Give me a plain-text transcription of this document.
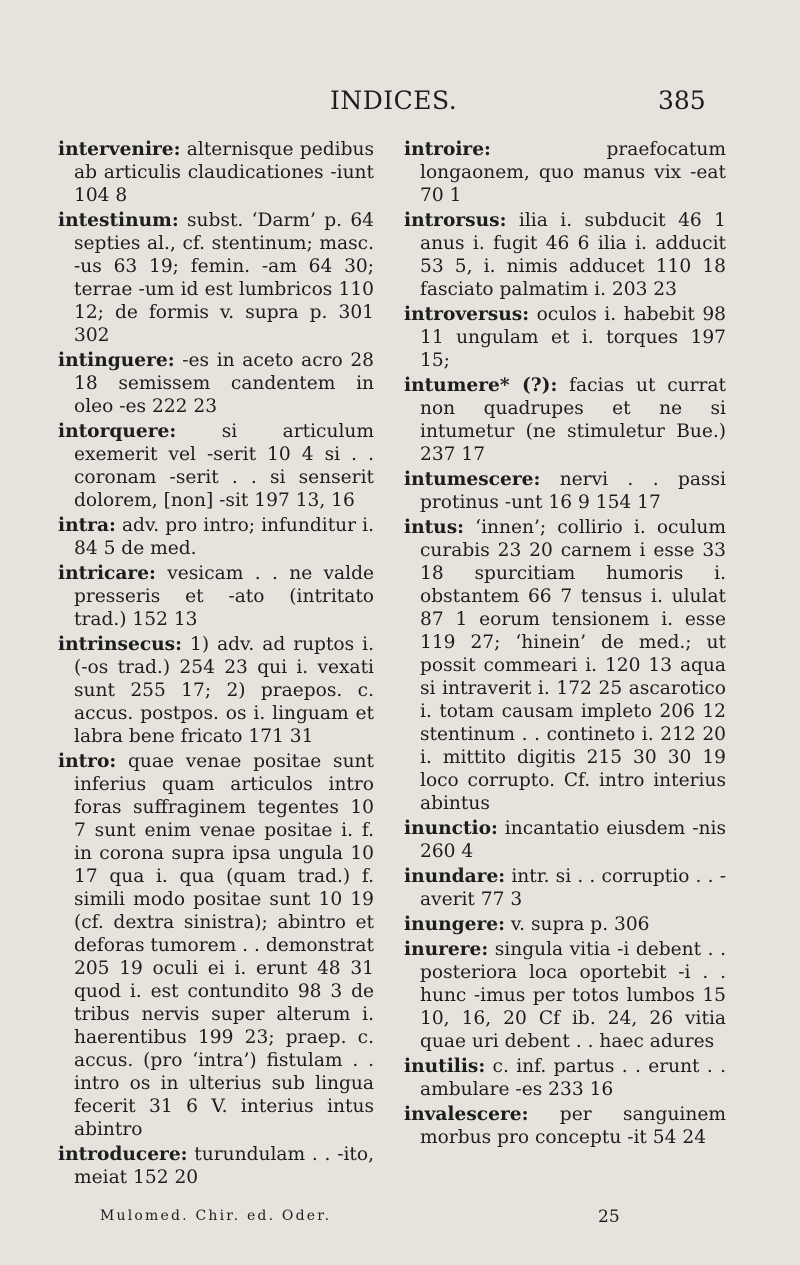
INDICES.	385

intervenire: alternisque pedibus ab articulis claudicationes -iunt 104 8

intestinum: subst. ‘Darm’ p. 64 septies al., cf. stentinum; masc. -us 63 19; femin. -am 64 30; terrae -um id est lumbricos 110 12; de formis v. supra p. 301 302

intinguere: -es in aceto acro 28 18 semissem candentem in oleo -es 222 23

intorquere: si articulum exemerit vel -serit 10 4 si . . coronam -serit . . si senserit dolorem, [non] -sit 197 13, 16

intra: adv. pro intro; infunditur i. 84 5 de med.

intricare: vesicam . . ne valde presseris et -ato (intritato trad.) 152 13

intrinsecus: 1) adv. ad ruptos i. (-os trad.) 254 23 qui i. vexati sunt 255 17; 2) praepos. c. accus. postpos. os i. linguam et labra bene fricato 171 31

intro: quae venae positae sunt inferius quam articulos intro foras suffraginem tegentes 10 7 sunt enim venae positae i. f. in corona supra ipsa ungula 10 17 qua i. qua (quam trad.) f. simili modo positae sunt 10 19 (cf. dextra sinistra); abintro et deforas tumorem . . demonstrat 205 19 oculi ei i. erunt 48 31 quod i. est contundito 98 3 de tribus nervis super alterum i. haerentibus 199 23; praep. c. accus. (pro ‘intra’) fistulam . . intro os in ulterius sub lingua fecerit 31 6 V. interius intus abintro

introducere: turundulam . . -ito, meiat 152 20

introire:	praefocatum longaonem, quo manus vix -eat 70 1

introrsus: ilia i. subducit 46 1 anus i. fugit 46 6 ilia i. adducit 53 5, i. nimis adducet 110 18 fasciato palmatim i. 203 23

introversus: oculos i. habebit 98 11 ungulam et i. torques 197 15;

intumere* (?): facias ut currat non quadrupes et ne si intumetur (ne stimuletur Bue.) 237 17

intumescere: nervi . . passi protinus -unt 16 9 154 17

intus: ‘innen’; collirio i. oculum curabis 23 20 carnem i esse 33 18 spurcitiam humoris i. obstantem 66 7 tensus i. ululat 87 1 eorum tensionem i. esse 119 27; ‘hinein’ de med.; ut possit commeari i. 120 13 aqua si intraverit i. 172 25 ascarotico i. totam causam impleto 206 12 stentinum . . contineto i. 212 20 i. mittito digitis 215 30 30 19 loco corrupto. Cf. intro interius abintus

inunctio: incantatio eiusdem -nis 260 4

inundare: intr. si . . corruptio . . -averit 77 3

inungere: v. supra p. 306

inurere: singula vitia -i debent . . posteriora loca oportebit -i . . hunc -imus per totos lumbos 15 10, 16, 20 Cf ib. 24, 26 vitia quae uri debent . . haec adures

inutilis: c. inf. partus . . erunt . . ambulare -es 233 16

invalescere: per sanguinem morbus pro conceptu -it 54 24

Mulomed. Chir. ed. Oder.	25
